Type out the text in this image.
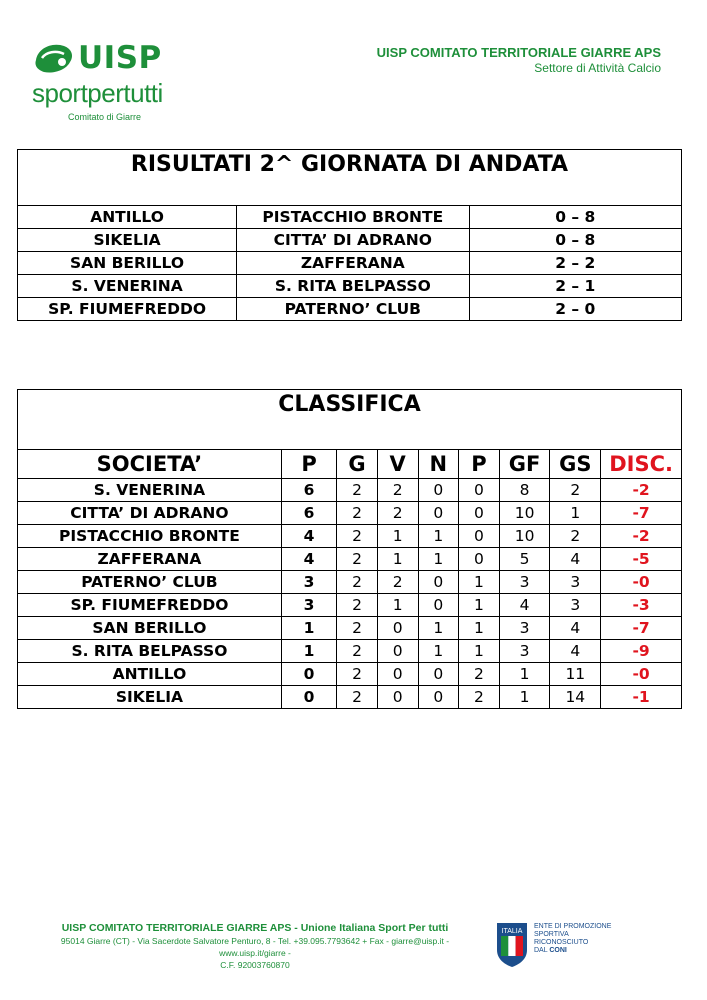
UISP
sportpertutti
Comitato di Giarre
UISP COMITATO TERRITORIALE GIARRE APS
Settore di Attività Calcio
RISULTATI 2^ GIORNATA DI ANDATA		
ANTILLO	PISTACCHIO BRONTE	0 – 8
SIKELIA	CITTA’ DI ADRANO	0 – 8
SAN BERILLO	ZAFFERANA	2 – 2
S. VENERINA	S. RITA BELPASSO	2 – 1
SP. FIUMEFREDDO	PATERNO’ CLUB	2 – 0
CLASSIFICA								
SOCIETA’	P	G	V	N	P	GF	GS	DISC.
S. VENERINA	6	2	2	0	0	8	2	-2
CITTA’ DI ADRANO	6	2	2	0	0	10	1	-7
PISTACCHIO BRONTE	4	2	1	1	0	10	2	-2
ZAFFERANA	4	2	1	1	0	5	4	-5
PATERNO’ CLUB	3	2	2	0	1	3	3	-0
SP. FIUMEFREDDO	3	2	1	0	1	4	3	-3
SAN BERILLO	1	2	0	1	1	3	4	-7
S. RITA BELPASSO	1	2	0	1	1	3	4	-9
ANTILLO	0	2	0	0	2	1	11	-0
SIKELIA	0	2	0	0	2	1	14	-1
UISP COMITATO TERRITORIALE GIARRE APS - Unione Italiana Sport Per tutti
95014 Giarre (CT) - Via Sacerdote Salvatore Penturo, 8 - Tel. +39.095.7793642 + Fax - giarre@uisp.it - www.uisp.it/giarre -
C.F. 92003760870
ITALIA
ENTE DI PROMOZIONE
SPORTIVA
RICONOSCIUTO
DAL CONI
